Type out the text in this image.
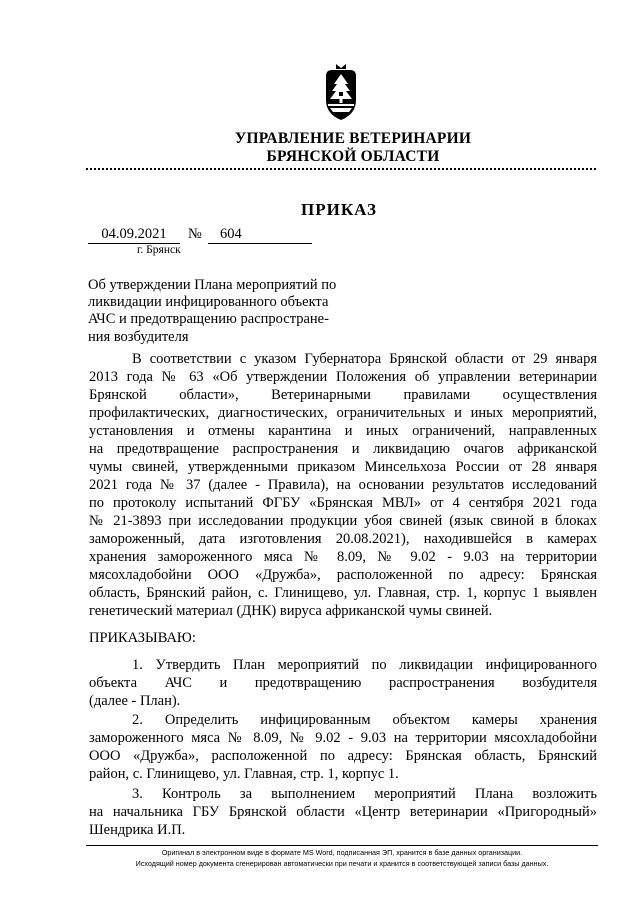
УПРАВЛЕНИЕ ВЕТЕРИНАРИИ
БРЯНСКОЙ ОБЛАСТИ
ПРИКАЗ
04.09.2021	№	604
г. Брянск
Об утверждении Плана мероприятий по
ликвидации инфицированного объекта
АЧС и предотвращению распростране-
ния возбудителя
В соответствии с указом Губернатора Брянской области от 29 января
2013 года № 63 «Об утверждении Положения об управлении ветеринарии
Брянской области», Ветеринарными правилами осуществления
профилактических, диагностических, ограничительных и иных мероприятий,
установления и отмены карантина и иных ограничений, направленных
на предотвращение распространения и ликвидацию очагов африканской
чумы свиней, утвержденными приказом Минсельхоза России от 28 января
2021 года № 37 (далее - Правила), на основании результатов исследований
по протоколу испытаний ФГБУ «Брянская МВЛ» от 4 сентября 2021 года
№ 21-3893 при исследовании продукции убоя свиней (язык свиной в блоках
замороженный, дата изготовления 20.08.2021), находившейся в камерах
хранения замороженного мяса № 8.09, № 9.02 - 9.03 на территории
мясохладобойни ООО «Дружба», расположенной по адресу: Брянская
область, Брянский район, с. Глинищево, ул. Главная, стр. 1, корпус 1 выявлен
генетический материал (ДНК) вируса африканской чумы свиней.
ПРИКАЗЫВАЮ:
1. Утвердить План мероприятий по ликвидации инфицированного
объекта АЧС и предотвращению распространения возбудителя
(далее - План).
2. Определить инфицированным объектом камеры хранения
замороженного мяса № 8.09, № 9.02 - 9.03 на территории мясохладобойни
ООО «Дружба», расположенной по адресу: Брянская область, Брянский
район, с. Глинищево, ул. Главная, стр. 1, корпус 1.
3. Контроль за выполнением мероприятий Плана возложить
на начальника ГБУ Брянской области «Центр ветеринарии «Пригородный»
Шендрика И.П.
Оригинал в электронном виде в формате MS Word, подписанная ЭП, хранится в базе данных организации.
Исходящий номер документа сгенерирован автоматически при печати и хранится в соответствующей записи базы данных.
